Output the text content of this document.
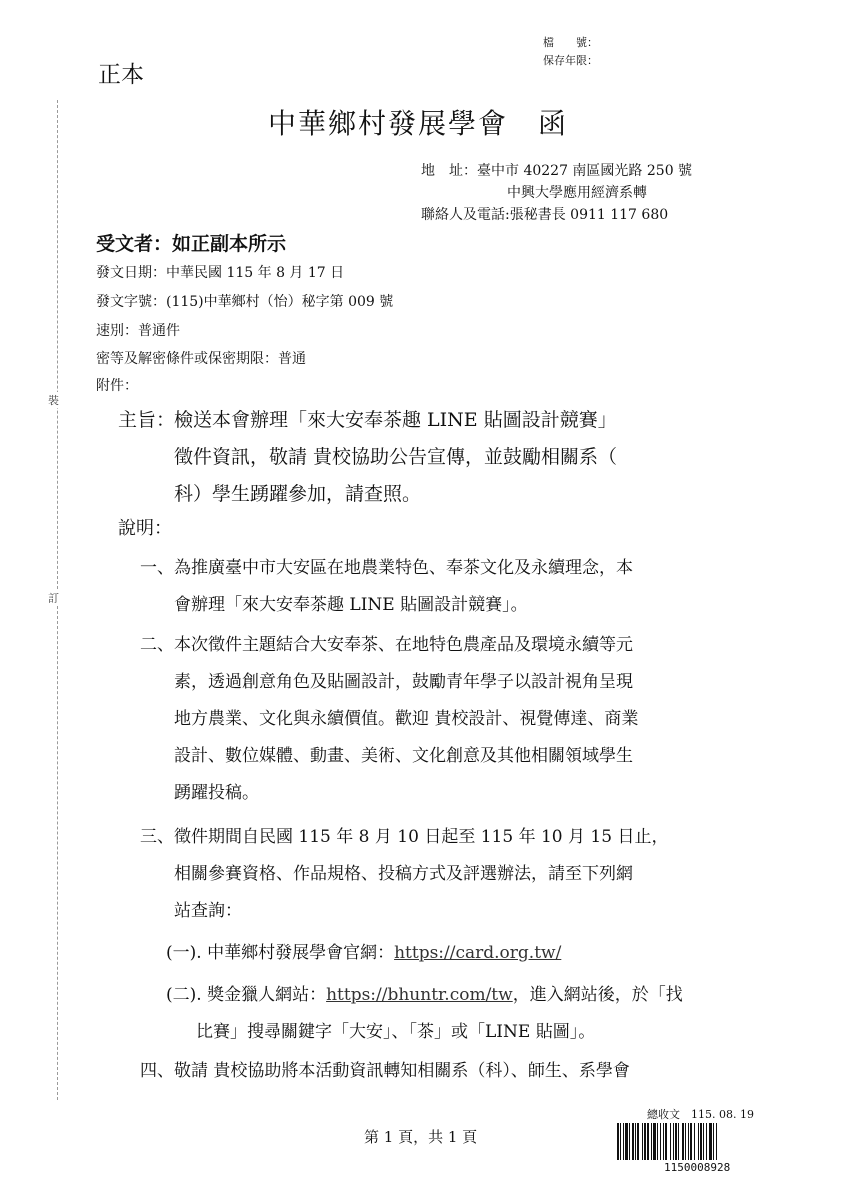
裝
訂
正本
檔　　號：
保存年限：
中華鄉村發展學會　函
地　址：臺中市 40227 南區國光路 250 號
中興大學應用經濟系轉
聯絡人及電話:張秘書長 0911 117 680
受文者：如正副本所示
發文日期：中華民國 115 年 8 月 17 日
發文字號：(115)中華鄉村（怡）秘字第 009 號
速別：普通件
密等及解密條件或保密期限：普通
附件：
主旨：
檢送本會辦理「來大安奉茶趣 LINE 貼圖設計競賽」
徵件資訊，敬請 貴校協助公告宣傳，並鼓勵相關系（
科）學生踴躍參加，請查照。
說明：
一、 為推廣臺中市大安區在地農業特色、奉茶文化及永續理念，本
會辦理「來大安奉茶趣 LINE 貼圖設計競賽」。
二、 本次徵件主題結合大安奉茶、在地特色農產品及環境永續等元
素，透過創意角色及貼圖設計，鼓勵青年學子以設計視角呈現
地方農業、文化與永續價值。歡迎 貴校設計、視覺傳達、商業
設計、數位媒體、動畫、美術、文化創意及其他相關領域學生
踴躍投稿。
三、 徵件期間自民國 115 年 8 月 10 日起至 115 年 10 月 15 日止，
相關參賽資格、作品規格、投稿方式及評選辦法，請至下列網
站查詢：
(一). 中華鄉村發展學會官網：https://card.org.tw/
(二). 獎金獵人網站：https://bhuntr.com/tw，進入網站後，於「找
比賽」搜尋關鍵字「大安」、「茶」或「LINE 貼圖」。
四、 敬請 貴校協助將本活動資訊轉知相關系（科）、師生、系學會
第 1 頁，共 1 頁
總收文　115. 08. 19
1150008928
